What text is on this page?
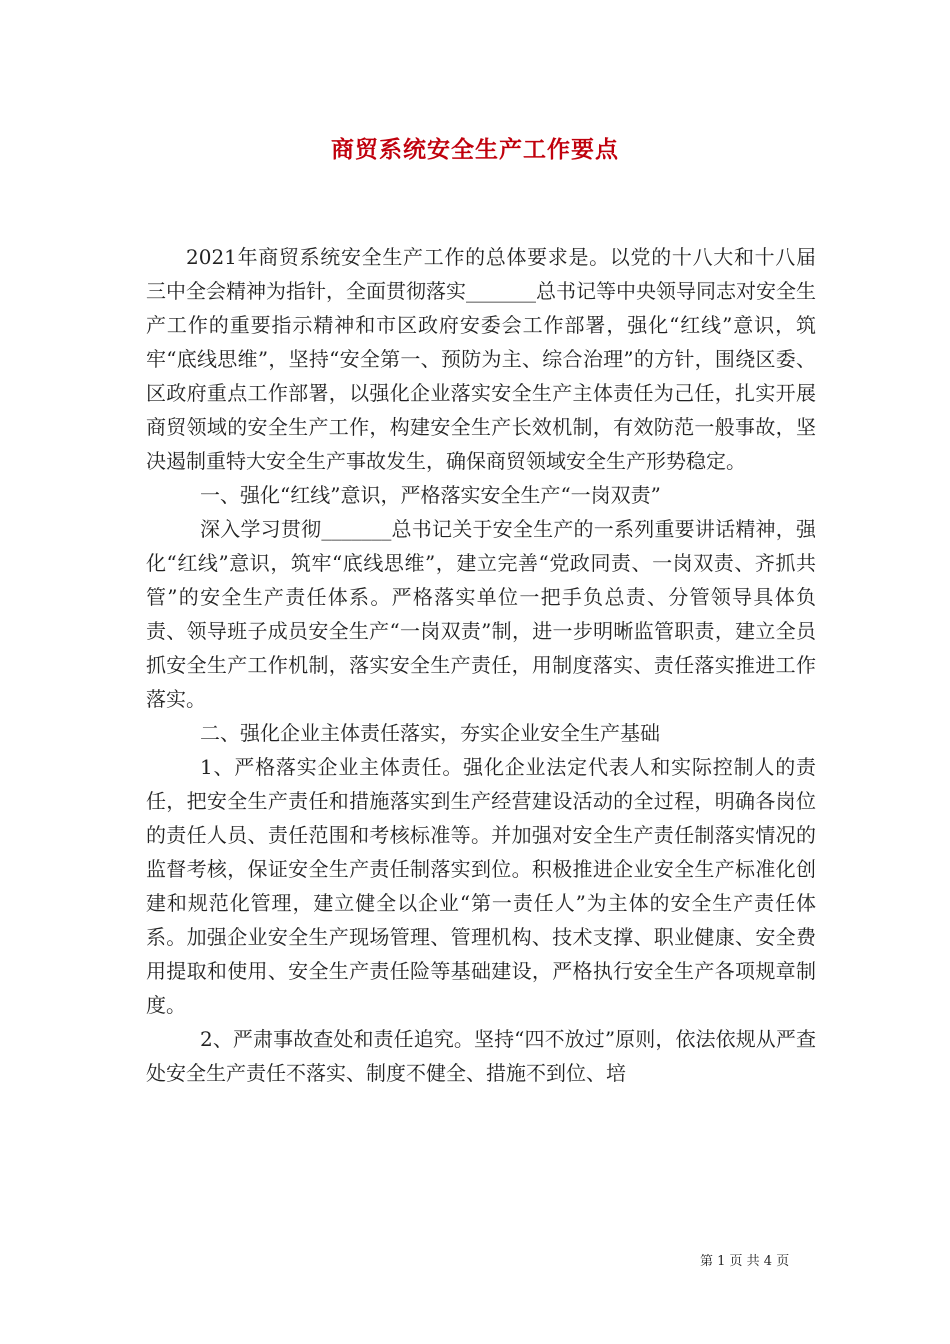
商贸系统安全生产工作要点

2021年商贸系统安全生产工作的总体要求是。以党的十八大和十八届三中全会精神为指针，全面贯彻落实_______总书记等中央领导同志对安全生产工作的重要指示精神和市区政府安委会工作部署，强化“红线”意识，筑牢“底线思维”，坚持“安全第一、预防为主、综合治理”的方针，围绕区委、区政府重点工作部署，以强化企业落实安全生产主体责任为己任，扎实开展商贸领域的安全生产工作，构建安全生产长效机制，有效防范一般事故，坚决遏制重特大安全生产事故发生，确保商贸领域安全生产形势稳定。

一、强化“红线”意识，严格落实安全生产“一岗双责”

深入学习贯彻_______总书记关于安全生产的一系列重要讲话精神，强化“红线”意识，筑牢“底线思维”，建立完善“党政同责、一岗双责、齐抓共管”的安全生产责任体系。严格落实单位一把手负总责、分管领导具体负责、领导班子成员安全生产“一岗双责”制，进一步明晰监管职责，建立全员抓安全生产工作机制，落实安全生产责任，用制度落实、责任落实推进工作落实。

二、强化企业主体责任落实，夯实企业安全生产基础

1、严格落实企业主体责任。强化企业法定代表人和实际控制人的责任，把安全生产责任和措施落实到生产经营建设活动的全过程，明确各岗位的责任人员、责任范围和考核标准等。并加强对安全生产责任制落实情况的监督考核，保证安全生产责任制落实到位。积极推进企业安全生产标准化创建和规范化管理，建立健全以企业“第一责任人”为主体的安全生产责任体系。加强企业安全生产现场管理、管理机构、技术支撑、职业健康、安全费用提取和使用、安全生产责任险等基础建设，严格执行安全生产各项规章制度。

2、严肃事故查处和责任追究。坚持“四不放过”原则，依法依规从严查处安全生产责任不落实、制度不健全、措施不到位、培

第 1 页 共 4 页
